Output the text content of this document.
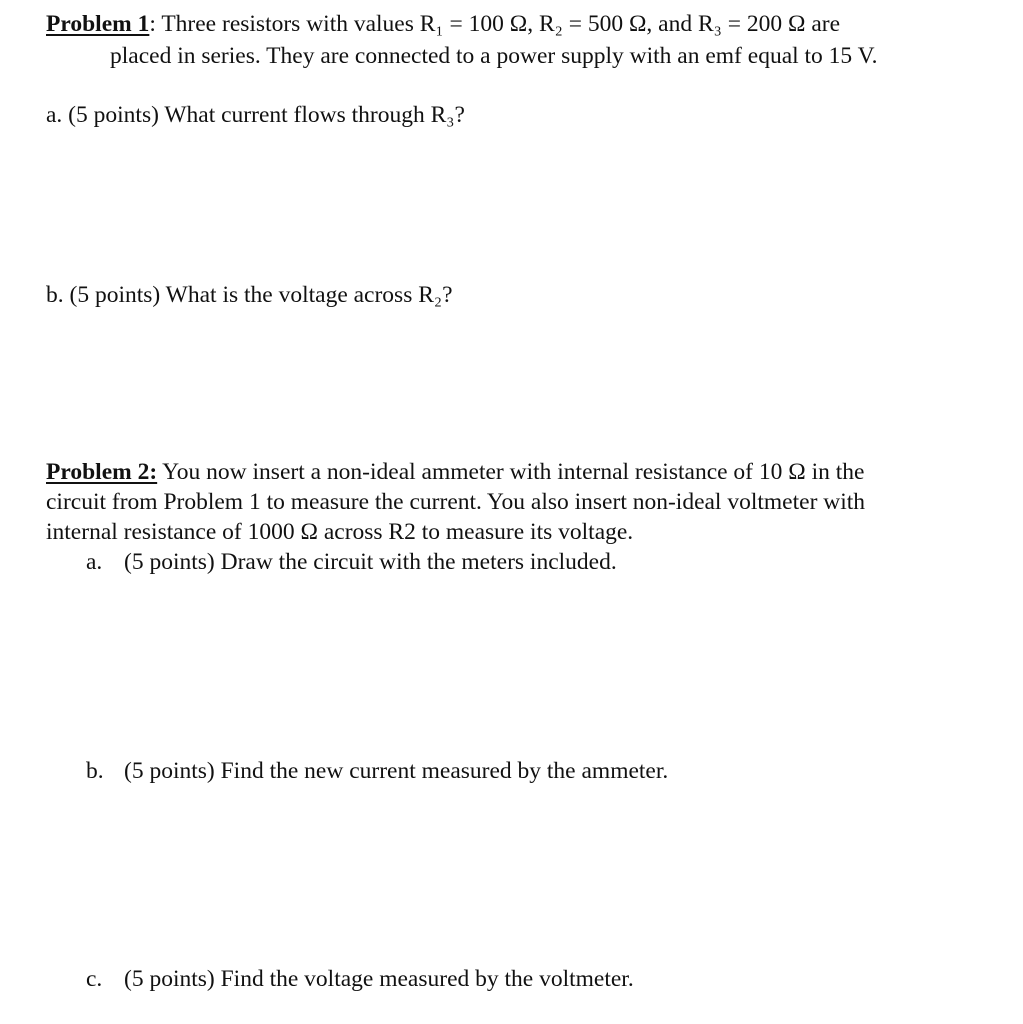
Problem 1: Three resistors with values R₁ = 100 Ω, R₂ = 500 Ω, and R₃ = 200 Ω are
placed in series. They are connected to a power supply with an emf equal to 15 V.
a. (5 points) What current flows through R₃?
b. (5 points) What is the voltage across R₂?
Problem 2: You now insert a non-ideal ammeter with internal resistance of 10 Ω in the
circuit from Problem 1 to measure the current. You also insert non-ideal voltmeter with
internal resistance of 1000 Ω across R2 to measure its voltage.
a. (5 points) Draw the circuit with the meters included.
b. (5 points) Find the new current measured by the ammeter.
c. (5 points) Find the voltage measured by the voltmeter.
